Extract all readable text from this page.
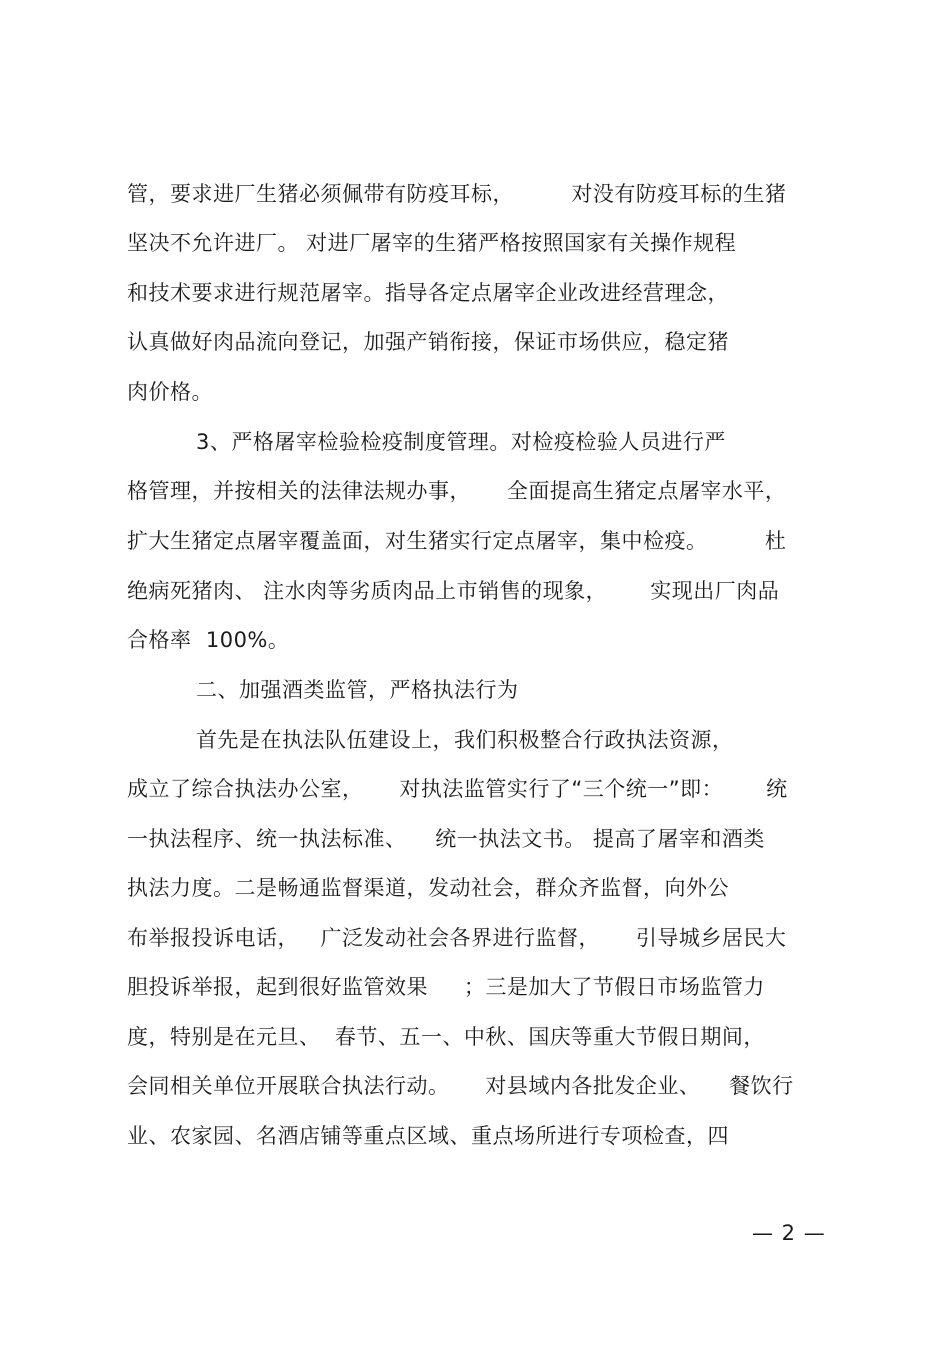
管，要求进厂生猪必须佩带有防疫耳标，        对没有防疫耳标的生猪
坚决不允许进厂。 对进厂屠宰的生猪严格按照国家有关操作规程
和技术要求进行规范屠宰。指导各定点屠宰企业改进经营理念，
认真做好肉品流向登记，加强产销衔接，保证市场供应，稳定猪
肉价格。
3、严格屠宰检验检疫制度管理。对检疫检验人员进行严
格管理，并按相关的法律法规办事，     全面提高生猪定点屠宰水平，
扩大生猪定点屠宰覆盖面，对生猪实行定点屠宰，集中检疫。        杜
绝病死猪肉、 注水肉等劣质肉品上市销售的现象，      实现出厂肉品
合格率  100%。
二、加强酒类监管，严格执法行为
首先是在执法队伍建设上，我们积极整合行政执法资源，
成立了综合执法办公室，     对执法监管实行了“三个统一”即：      统
一执法程序、统一执法标准、    统一执法文书。 提高了屠宰和酒类
执法力度。二是畅通监督渠道，发动社会，群众齐监督，向外公
布举报投诉电话，   广泛发动社会各界进行监督，     引导城乡居民大
胆投诉举报，起到很好监管效果     ；三是加大了节假日市场监管力
度，特别是在元旦、  春节、五一、中秋、国庆等重大节假日期间，
会同相关单位开展联合执法行动。     对县域内各批发企业、    餐饮行
业、农家园、名酒店铺等重点区域、重点场所进行专项检查，四
— 2 —
